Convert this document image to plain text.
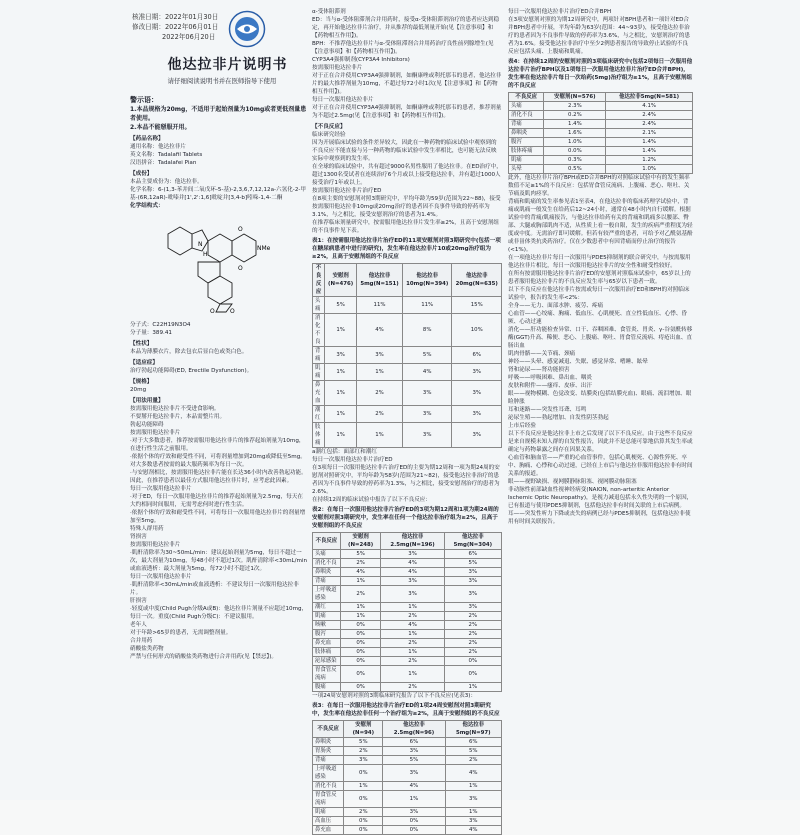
核准日期：2022年01月30日
修改日期：2022年06月01日
2022年06月20日
他达拉非片说明书
请仔细阅读说明书并在医师指导下使用
警示语：
1.本品规格为20mg，不适用于起始剂量为10mg或者更低剂量患者使用。
2.本品不能掰服开用。
【药品名称】
通用名称：他达拉非片
英文名称：Tadalafil Tablets
汉语拼音：Tadalafei Pian
【成份】
本品主要成份为：他达拉非。
化学名称：6-(1,3-苯并间二氧戊环-5-基)-2,3,6,7,12,12a-六氢化-2-甲基-(6R,12aR)-吡嗪并[1',2':1,6]吡啶并[3,4-b]吲哚-1,4-二酮
化学结构式：
H
N
O
NMe
O
O	O
分子式：C22H19N3O4
分子量：389.41
【性状】
本品为薄膜衣片，除去包衣后显白色或类白色。
【适应症】
治疗勃起功能障碍(ED, Erectile Dysfunction)。
【规格】
20mg
【用法用量】
按需服用他达拉非片不受进食影响。
不要掰开他达拉非片，本品需整片用。
勃起功能障碍
按需服用他达拉非片
·对于大多数患者，推荐按需服用他达拉非片的推荐起始剂量为10mg，在进行性生活之前服用。
·依据个体的疗效和耐受性不同，可将剂量增加到20mg或降低至5mg。对大多数患者按需的最大服药频率为每日一次。
·与安慰剂相比，按需服用他达拉非片能在长达36小时内改善勃起功能。因此，在推荐患者以最佳方式服用他达拉非片时，应考虑此因素。
每日一次服用他达拉非片
·对于ED，每日一次服用他达拉非片的推荐起始剂量为2.5mg，每天在大约相同时间服用，无需考虑何时进行性生活。
·依据个体的疗效和耐受性不同，可将每日一次服用他达拉非片的剂量增加至5mg。
特殊人群用药
肾损害
按需服用他达拉非片
·肌酐清除率为30~50mL/min：建议起始剂量为5mg，每日不超过一次，最大剂量为10mg，每48小时不超过1次。肌酐清除率<30mL/min或血液透析：最大剂量为5mg，每72小时不超过1次。
每日一次服用他达拉非片
·肌酐清除率<30mL/min或血液透析：不建议每日一次服用他达拉非片。
肝损害
·轻度或中度(Child Pugh分级A或B)：他达拉非片剂量不应超过10mg，每日一次。重度(Child Pugh分级C)：不建议服用。
老年人
对于年龄>65岁的患者，无需调整剂量。
合并用药
硝酸盐类药物
严禁与任何形式的硝酸盐类药物进行合并用药(见【禁忌】)。
α-受体阻滞剂
ED：当与α-受体阻滞剂合并用药时，接受α-受体阻滞剂治疗的患者应达到稳定，再开始他达拉非片治疗，并从推荐的最低剂量开始(见【注意事项】和【药物相互作用】)。
BPH：不推荐他达拉非片与α-受体阻滞剂合并用药治疗良性前列腺增生(见【注意事项】和【药物相互作用】)。
CYP3A4强抑制剂(CYP3A4 Inhibitors)
按需服用他达拉非片
对于正在合并使用CYP3A4强抑制剂，如酮康唑或利托那韦的患者，他达拉非片的最大推荐剂量为10mg，不超过每72小时1次(见【注意事项】和【药物相互作用】)。
每日一次服用他达拉非片
对于正在合并使用CYP3A4强抑制剂，如酮康唑或利托那韦的患者，推荐剂量为不超过2.5mg(见【注意事项】和【药物相互作用】)。
【不良反应】
临床研究经验
因为开展临床试验的条件差异较大，因此在一种药物的临床试验中观察到的不良反应不能直接与另一种药物的临床试验中发生率相比，也可能无法反映实际中观察到的发生率。
在全球的临床试验中，共有超过9000名男性服用了他达拉非。在ED治疗中，超过1300名受试者在连续治疗6个月或以上接受他达拉非，并有超过1000人接受治疗1年或以上。
按需服用他达拉非片治疗ED
在8项主要的安慰剂对照3期研究中，平均年龄为59岁(范围为22~88)，接受按需服用他达拉非10mg或20mg治疗的患者因不良事件导致的停药率为3.1%，与之相比，接受安慰剂治疗的患者为1.4%。
在推荐临床剂量研究中，按需服用他达拉非片发生率≥2%，且高于安慰剂组的不良事件见下表。
表1：在按需服用他达拉非片治疗ED的11项安慰剂对照3期研究中(包括一项在糖尿病患者中进行的研究)，发生率在他达拉非片10或20mg治疗组为≥2%，且高于安慰剂组的不良反应
不良反应	安慰剂(N=476)	他达拉非5mg(N=151)	他达拉非10mg(N=394)	他达拉非20mg(N=635)
头痛	5%	11%	11%	15%
消化不良	1%	4%	8%	10%
背痛	3%	3%	5%	6%
肌痛	1%	1%	4%	3%
鼻充血	1%	2%	3%	3%
潮红	1%	2%	3%	3%
肢体痛	1%	1%	3%	3%
a潮红包括：面部红和潮红
每日一次服用他达拉非片治疗ED
在3项每日一次服用他达拉非片治疗ED的主要为期12周和一项为期24周的安慰剂对照研究中，平均年龄为58岁(范围为21~82)，接受他达拉非治疗的患者因为不良事件导致的停药率为1.3%，与之相比，接受安慰剂治疗的患者为2.6%。
在持续12周的临床试验中报告了以下不良反应：
表2：在每日一次服用他达拉非片治疗ED的3项为期12周和1项为期24周的安慰剂对照3期研究中，发生率在任何一个他达拉非治疗组为≥2%，且高于安慰剂组的不良反应
不良反应	安慰剂(N=248)	他达拉非2.5mg(N=196)	他达拉非5mg(N=304)
头痛	5%	3%	6%
消化不良	2%	4%	5%
鼻咽炎	4%	4%	3%
背痛	1%	3%	3%
上呼吸道感染	2%	3%	3%
潮红	1%	1%	3%
肌痛	1%	2%	2%
咳嗽	0%	4%	2%
腹泻	0%	1%	2%
鼻充血	0%	2%	2%
肢体痛	0%	1%	2%
泌尿感染	0%	2%	0%
胃食管反流病	0%	1%	0%
腹痛	0%	2%	1%
一项24周安慰剂对照的3期临床研究报告了以下不良反应(见表3)：
表3：在每日一次服用他达拉非片治疗ED的1项24周安慰剂对照3期研究中，发生率在他达拉非任何一个治疗组为≥2%，且高于安慰剂组的不良反应
不良反应	安慰剂(N=94)	他达拉非2.5mg(N=96)	他达拉非5mg(N=97)
鼻咽炎	5%	6%	6%
胃肠炎	2%	3%	5%
背痛	3%	5%	2%
上呼吸道感染	0%	3%	4%
消化不良	1%	4%	1%
胃食管反流病	0%	1%	3%
肌痛	2%	3%	1%
高血压	0%	0%	3%
鼻充血	0%	0%	4%
每日一次服用他达拉非片治疗ED合并BPH
在3项安慰剂对照的为期12周研究中，两项针对BPH患者和一项针对ED合并BPH患者中开展，平均年龄为63岁(范围：44~93岁)，接受他达拉非治疗的患者因为不良事件导致的停药率为3.6%，与之相比，安慰剂治疗的患者为1.6%。接受他达拉非治疗中至少2例患者报告的导致停止试验的不良反应包括头痛、上腹痛和肌痛。
表4：在持续12周的安慰剂对照的3项临床研究中(包括2项每日一次服用他达拉非片治疗BPH以及1项每日一次服用他达拉非片治疗ED合并BPH)，发生率在他达拉非片每日一次给药(5mg)治疗组为≥1%，且高于安慰剂组的不良反应
不良反应	安慰剂(N=576)	他达拉非5mg(N=581)
头痛	2.3%	4.1%
消化不良	0.2%	2.4%
背痛	1.4%	2.4%
鼻咽炎	1.6%	2.1%
腹泻	1.0%	1.4%
肢体疼痛	0.0%	1.4%
肌痛	0.3%	1.2%
头晕	0.5%	1.0%
此外，他达拉非片治疗BPH或ED合并BPH的对照临床试验中有的发生频率数值不足≥1%的不良反应：包括胃食管反流病、上腹痛、恶心、呕吐、关节痛及肌肉痉挛。
背痛和肌痛的发生率参见表1至表4，在他达拉非的临床药理学试验中，背痛或肌痛一般发生在给药后12~24小时，通常在48小时内自行缓解。根据试验中的背痛/肌痛报告，与他达拉非给药有关的背痛和肌痛多以腰部、臀部、大腿或胸部肌肉不适，从性质上看一般自限，发生的疾病严重程度为轻度或中度。无需治疗即可缓解。但若有较严重的患者，可给予对乙酰氨基酚或非甾体类抗炎药治疗。仅在少数患者中有因背痛而停止治疗的报告(<1%)。
在一项他达拉非片每日一次服用与PDE5抑制剂的联合研究中，与按需服用他达拉非片相比，每日一次服用他达拉非片的安全性和耐受性较好。
在所有按需服用他达拉非片治疗ED的安慰剂对照临床试验中，65岁以上的患者服用他达拉非片的不良反应发生率与65岁以下患者一致。
以下不良反应在他达拉非片按需或每日一次服用治疗ED和BPH的对照临床试验中，报告的发生率<2%：
全身——无力、面部水肿、疲劳、疼痛
心血管——心绞痛、胸痛、低血压、心肌梗死、直立性低血压、心悸、昏厥、心动过速
消化——肝功能检查异常、口干、吞咽困难、食管炎、胃炎、γ-谷氨酰转移酶(GGT)升高、稀便、恶心、上腹痛、呕吐、胃食管反流病、痔疮出血、直肠出血
肌肉骨骼——关节痛、颈痛
神经——头晕、感觉减退、失眠、感觉异常、嗜睡、眩晕
肾和泌尿——肾功能损害
呼吸——呼吸困难、鼻出血、咽炎
皮肤和附件——瘙痒、皮疹、出汗
眼——视物模糊、色觉改变、结膜炎(包括结膜充血)、眼痛、流泪增加、眼睑肿胀
耳和迷路——突发性耳聋、耳鸣
泌尿生殖——勃起增加、自发性阴茎勃起
上市后经验
以下不良反应是他达拉非上市之后发现了以下不良反应。由于这些不良反应是来自规模未知人群的自发性报告，因此并不是总能可靠地估算其发生率或确定与药物暴露之间存在因果关系。
心血管和脑血管——严重的心血管事件，包括心肌梗死、心源性猝死、卒中、胸痛、心悸和心动过速，已经在上市后与他达拉非服用他达拉非有时间关系的报道。
眼——视野缺损、视网膜静脉阻塞、视网膜动脉阻塞
非动脉性前部缺血性视神经病变(NAION, non-arteritic Anterior Ischemic Optic Neuropathy)，是视力减退包括永久性失明的一个原因，已有报道与使用PDE5抑制剂，包括他达拉非有时间关联的上市后病例。
耳——突发性听力下降或丧失的病例已经与PDE5抑制剂，包括他达拉非使用有时间关联报告。
